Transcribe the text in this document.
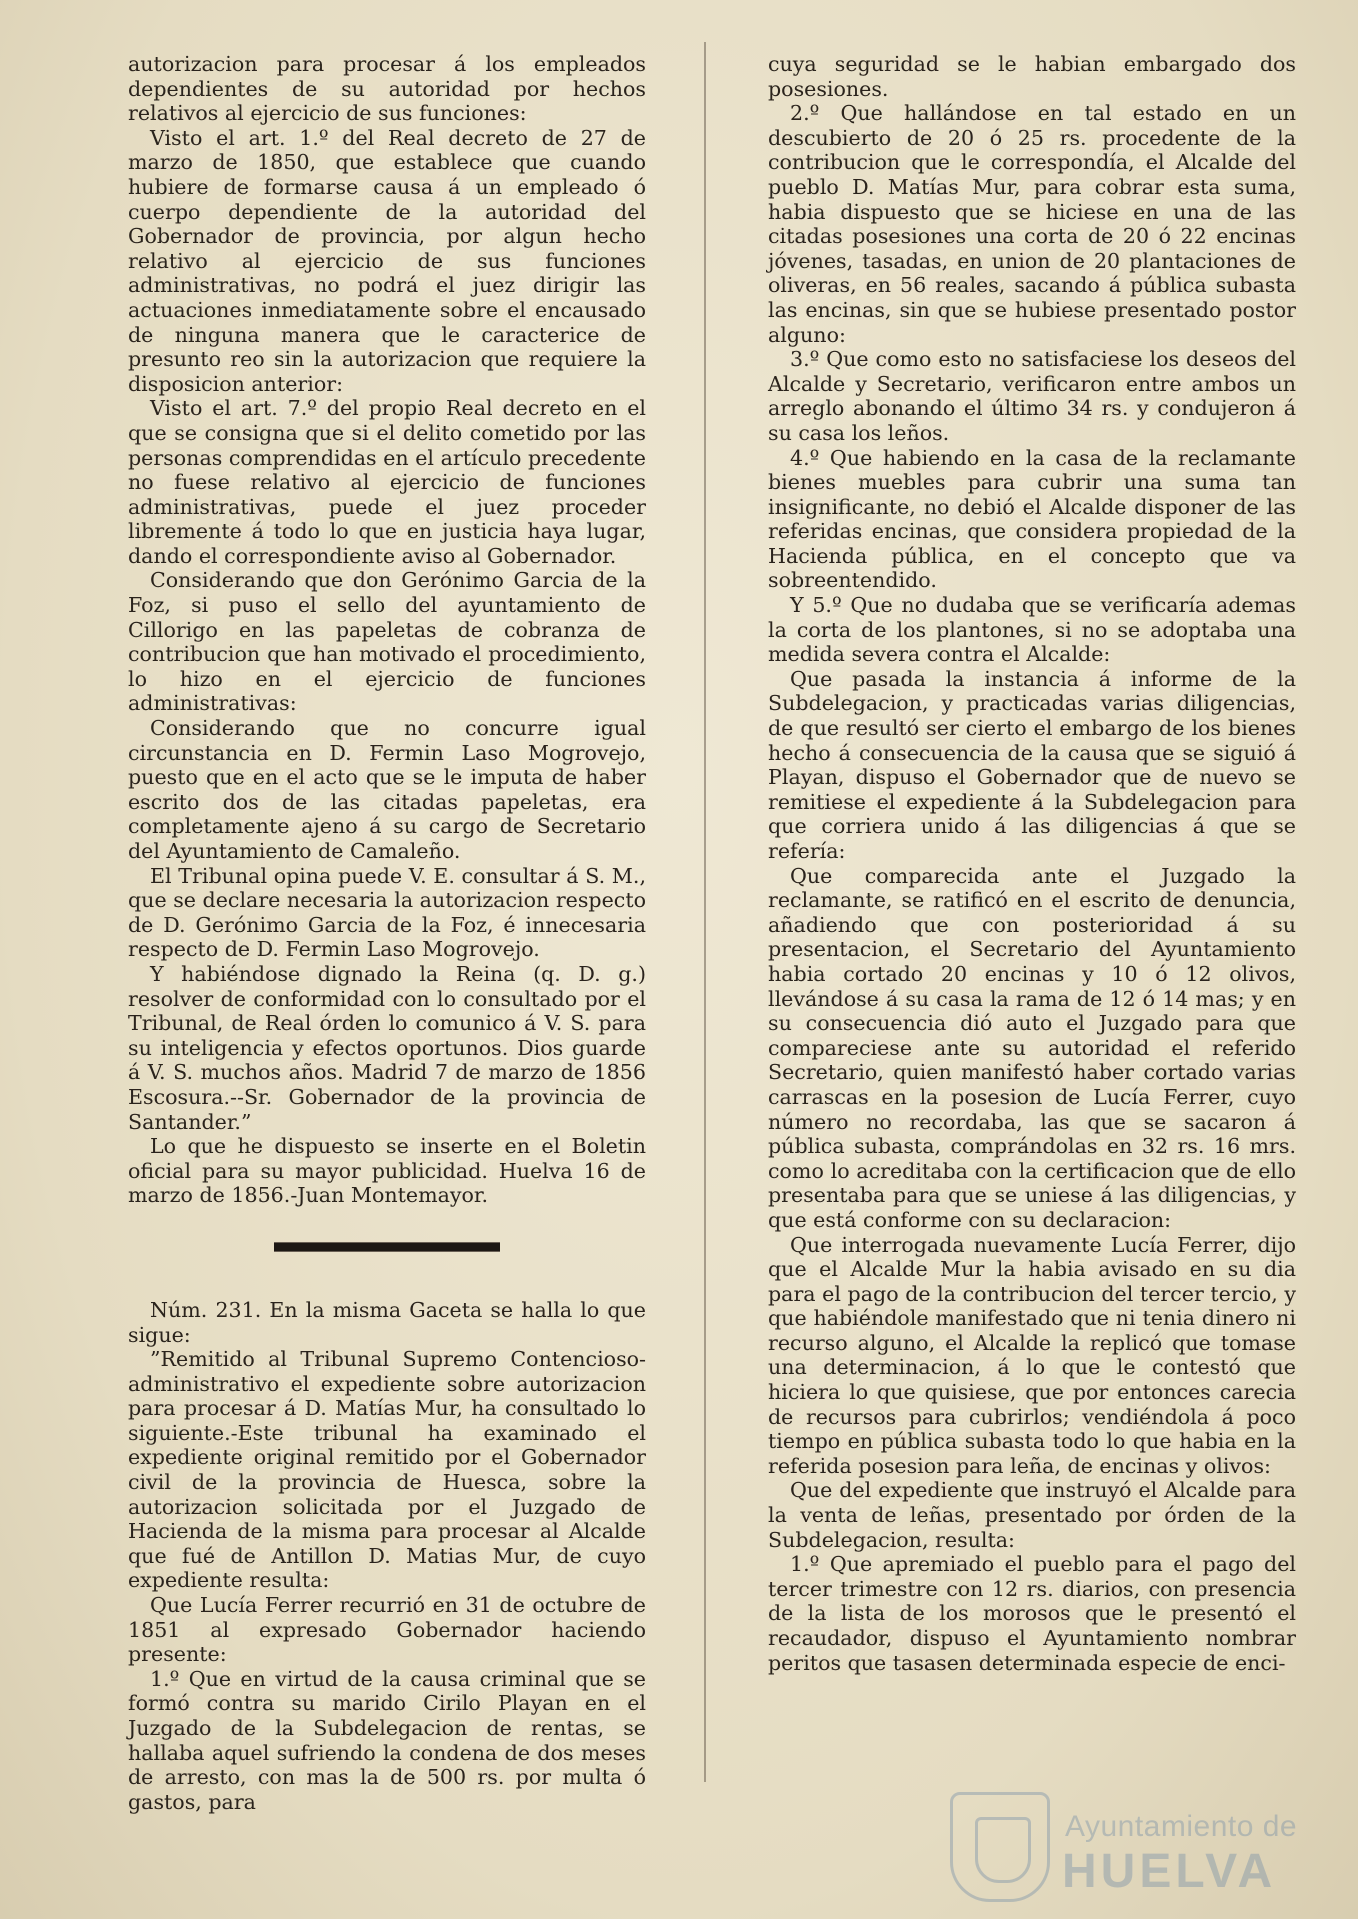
autorizacion para procesar á los empleados dependientes de su autoridad por hechos relativos al ejercicio de sus funciones:

Visto el art. 1.º del Real decreto de 27 de marzo de 1850, que establece que cuando hubiere de formarse causa á un empleado ó cuerpo dependiente de la autoridad del Gobernador de provincia, por algun hecho relativo al ejercicio de sus funciones administrativas, no podrá el juez dirigir las actuaciones inmediatamente sobre el encausado de ninguna manera que le caracterice de presunto reo sin la autorizacion que requiere la disposicion anterior:

Visto el art. 7.º del propio Real decreto en el que se consigna que si el delito cometido por las personas comprendidas en el artículo precedente no fuese relativo al ejercicio de funciones administrativas, puede el juez proceder libremente á todo lo que en justicia haya lugar, dando el correspondiente aviso al Gobernador.

Considerando que don Gerónimo Garcia de la Foz, si puso el sello del ayuntamiento de Cillorigo en las papeletas de cobranza de contribucion que han motivado el procedimiento, lo hizo en el ejercicio de funciones administrativas:

Considerando que no concurre igual circunstancia en D. Fermin Laso Mogrovejo, puesto que en el acto que se le imputa de haber escrito dos de las citadas papeletas, era completamente ajeno á su cargo de Secretario del Ayuntamiento de Camaleño.

El Tribunal opina puede V. E. consultar á S. M., que se declare necesaria la autorizacion respecto de D. Gerónimo Garcia de la Foz, é innecesaria respecto de D. Fermin Laso Mogrovejo.

Y habiéndose dignado la Reina (q. D. g.) resolver de conformidad con lo consultado por el Tribunal, de Real órden lo comunico á V. S. para su inteligencia y efectos oportunos. Dios guarde á V. S. muchos años. Madrid 7 de marzo de 1856 Escosura.--Sr. Gobernador de la provincia de Santander.”

Lo que he dispuesto se inserte en el Boletin oficial para su mayor publicidad. Huelva 16 de marzo de 1856.-Juan Montemayor.

Núm. 231. En la misma Gaceta se halla lo que sigue:

”Remitido al Tribunal Supremo Contencioso-administrativo el expediente sobre autorizacion para procesar á D. Matías Mur, ha consultado lo siguiente.-Este tribunal ha examinado el expediente original remitido por el Gobernador civil de la provincia de Huesca, sobre la autorizacion solicitada por el Juzgado de Hacienda de la misma para procesar al Alcalde que fué de Antillon D. Matias Mur, de cuyo expediente resulta:

Que Lucía Ferrer recurrió en 31 de octubre de 1851 al expresado Gobernador haciendo presente:

1.º Que en virtud de la causa criminal que se formó contra su marido Cirilo Playan en el Juzgado de la Subdelegacion de rentas, se hallaba aquel sufriendo la condena de dos meses de arresto, con mas la de 500 rs. por multa ó gastos, para

cuya seguridad se le habian embargado dos posesiones.

2.º Que hallándose en tal estado en un descubierto de 20 ó 25 rs. procedente de la contribucion que le correspondía, el Alcalde del pueblo D. Matías Mur, para cobrar esta suma, habia dispuesto que se hiciese en una de las citadas posesiones una corta de 20 ó 22 encinas jóvenes, tasadas, en union de 20 plantaciones de oliveras, en 56 reales, sacando á pública subasta las encinas, sin que se hubiese presentado postor alguno:

3.º Que como esto no satisfaciese los deseos del Alcalde y Secretario, verificaron entre ambos un arreglo abonando el último 34 rs. y condujeron á su casa los leños.

4.º Que habiendo en la casa de la reclamante bienes muebles para cubrir una suma tan insignificante, no debió el Alcalde disponer de las referidas encinas, que considera propiedad de la Hacienda pública, en el concepto que va sobreentendido.

Y 5.º Que no dudaba que se verificaría ademas la corta de los plantones, si no se adoptaba una medida severa contra el Alcalde:

Que pasada la instancia á informe de la Subdelegacion, y practicadas varias diligencias, de que resultó ser cierto el embargo de los bienes hecho á consecuencia de la causa que se siguió á Playan, dispuso el Gobernador que de nuevo se remitiese el expediente á la Subdelegacion para que corriera unido á las diligencias á que se refería:

Que comparecida ante el Juzgado la reclamante, se ratificó en el escrito de denuncia, añadiendo que con posterioridad á su presentacion, el Secretario del Ayuntamiento habia cortado 20 encinas y 10 ó 12 olivos, llevándose á su casa la rama de 12 ó 14 mas; y en su consecuencia dió auto el Juzgado para que compareciese ante su autoridad el referido Secretario, quien manifestó haber cortado varias carrascas en la posesion de Lucía Ferrer, cuyo número no recordaba, las que se sacaron á pública subasta, comprándolas en 32 rs. 16 mrs. como lo acreditaba con la certificacion que de ello presentaba para que se uniese á las diligencias, y que está conforme con su declaracion:

Que interrogada nuevamente Lucía Ferrer, dijo que el Alcalde Mur la habia avisado en su dia para el pago de la contribucion del tercer tercio, y que habiéndole manifestado que ni tenia dinero ni recurso alguno, el Alcalde la replicó que tomase una determinacion, á lo que le contestó que hiciera lo que quisiese, que por entonces carecia de recursos para cubrirlos; vendiéndola á poco tiempo en pública subasta todo lo que habia en la referida posesion para leña, de encinas y olivos:

Que del expediente que instruyó el Alcalde para la venta de leñas, presentado por órden de la Subdelegacion, resulta:

1.º Que apremiado el pueblo para el pago del tercer trimestre con 12 rs. diarios, con presencia de la lista de los morosos que le presentó el recaudador, dispuso el Ayuntamiento nombrar peritos que tasasen determinada especie de enci-

Ayuntamiento de
HUELVA
